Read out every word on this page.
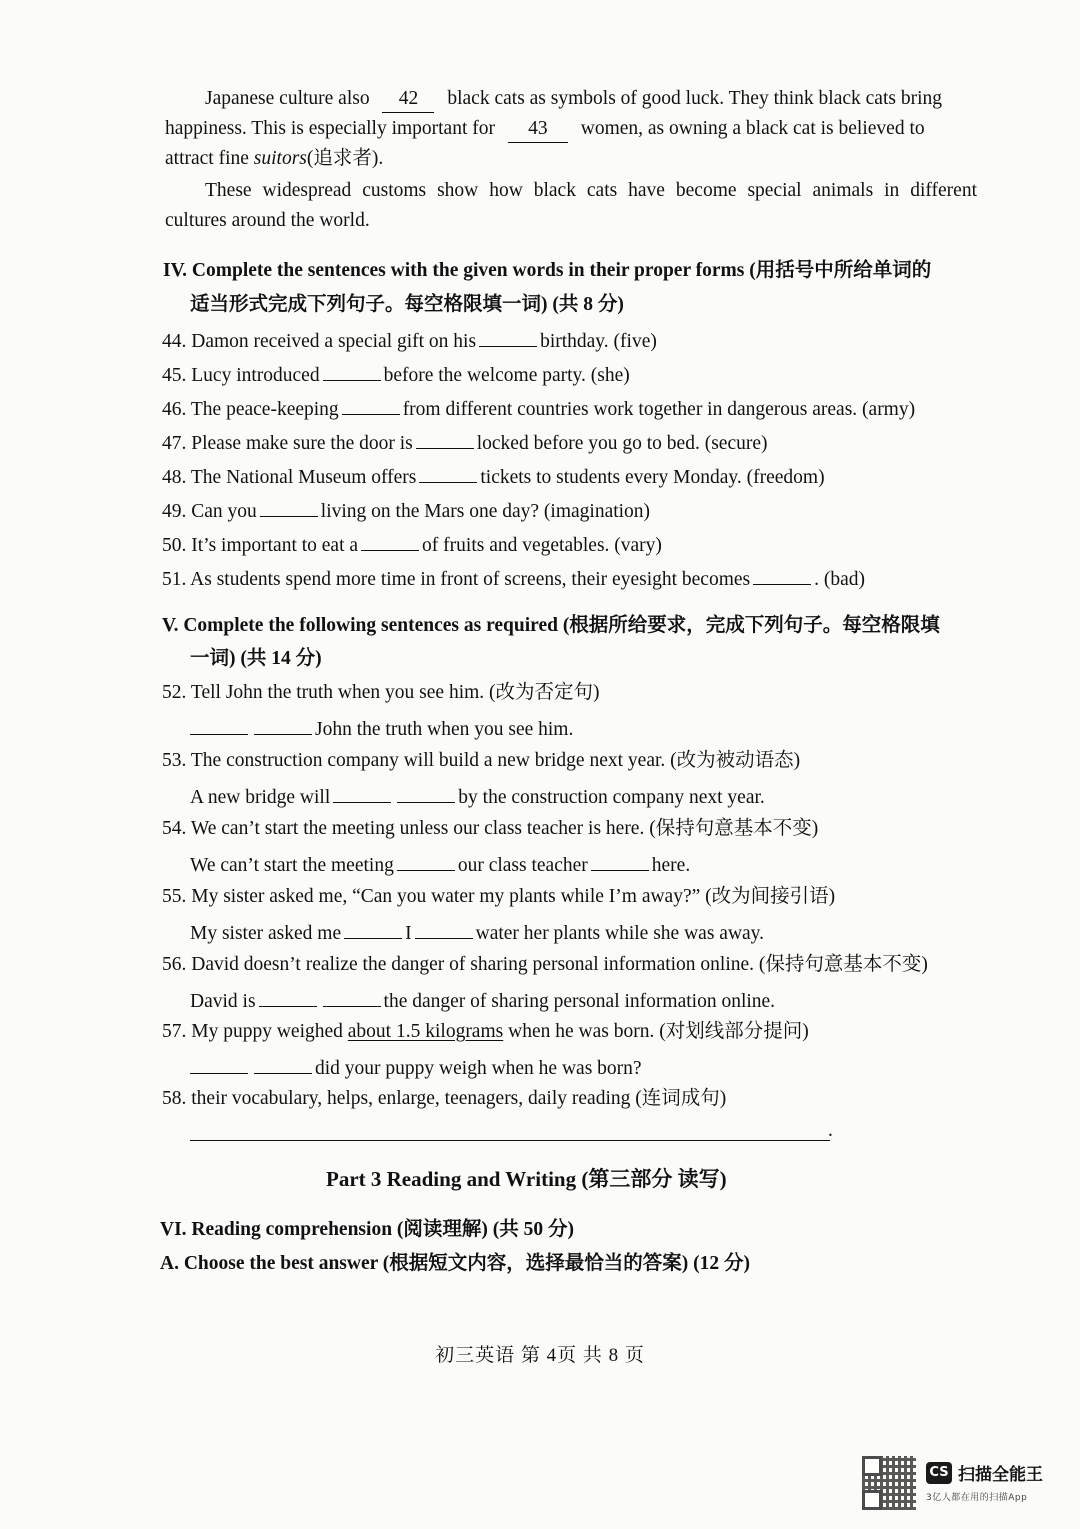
Japanese culture also 42 black cats as symbols of good luck. They think black cats bring
happiness. This is especially important for 43 women, as owning a black cat is believed to
attract fine suitors(追求者).
These widespread customs show how black cats have become special animals in different
cultures around the world.
IV. Complete the sentences with the given words in their proper forms (用括号中所给单词的
适当形式完成下列句子。每空格限填一词) (共 8 分)
44. Damon received a special gift on his	birthday. (five)
45. Lucy introduced	before the welcome party. (she)
46. The peace-keeping	from different countries work together in dangerous areas. (army)
47. Please make sure the door is	locked before you go to bed. (secure)
48. The National Museum offers	tickets to students every Monday. (freedom)
49. Can you	living on the Mars one day? (imagination)
50. It’s important to eat a	of fruits and vegetables. (vary)
51. As students spend more time in front of screens, their eyesight becomes	. (bad)
V. Complete the following sentences as required (根据所给要求，完成下列句子。每空格限填
一词) (共 14 分)
52. Tell John the truth when you see him. (改为否定句)
John the truth when you see him.
53. The construction company will build a new bridge next year. (改为被动语态)
A new bridge will	by the construction company next year.
54. We can’t start the meeting unless our class teacher is here. (保持句意基本不变)
We can’t start the meeting	our class teacher	here.
55. My sister asked me, “Can you water my plants while I’m away?” (改为间接引语)
My sister asked me	I	water her plants while she was away.
56. David doesn’t realize the danger of sharing personal information online. (保持句意基本不变)
David is	the danger of sharing personal information online.
57. My puppy weighed about 1.5 kilograms when he was born. (对划线部分提问)
did your puppy weigh when he was born?
58. their vocabulary, helps, enlarge, teenagers, daily reading (连词成句)
.
Part 3 Reading and Writing (第三部分 读写)
VI. Reading comprehension (阅读理解) (共 50 分)
A. Choose the best answer (根据短文内容，选择最恰当的答案) (12 分)
初三英语 第 4页 共 8 页
CS 扫描全能王
3亿人都在用的扫描App
